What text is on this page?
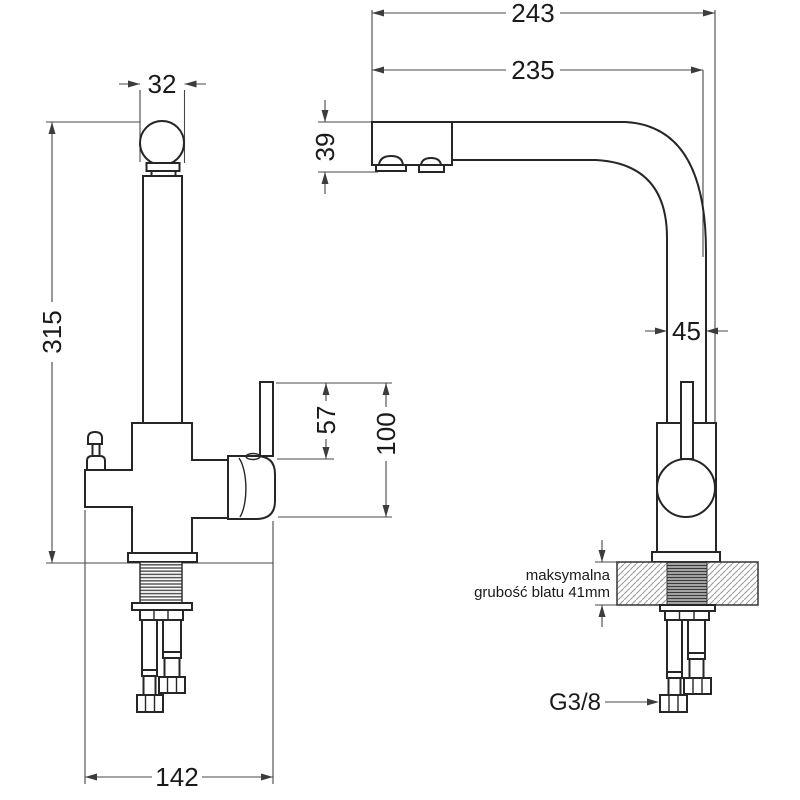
32
315
57 100
142
243
235
39
45
maksymalna
grubość blatu 41mm
G3/8
